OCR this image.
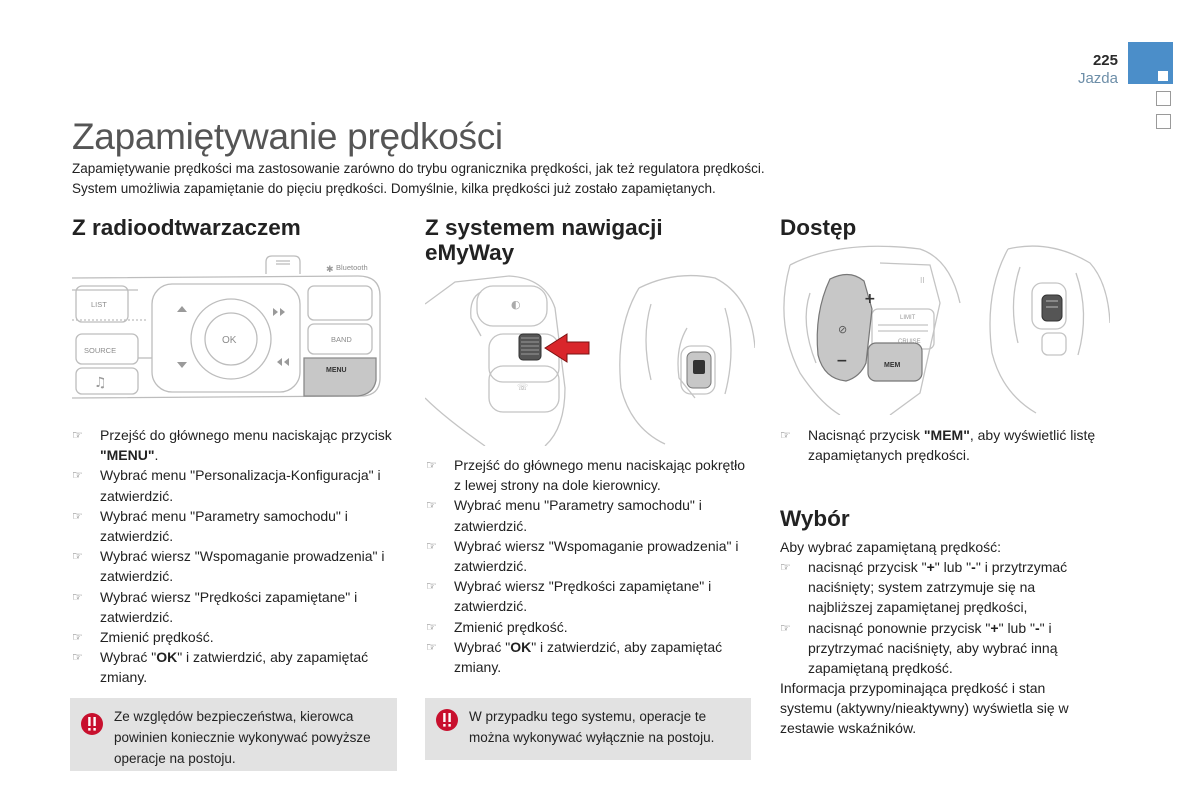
225
Jazda
Zapamiętywanie prędkości
Zapamiętywanie prędkości ma zastosowanie zarówno do trybu ogranicznika prędkości, jak też regulatora prędkości.
System umożliwia zapamiętanie do pięciu prędkości. Domyślnie, kilka prędkości już zostało zapamiętanych.
Z radioodtwarzaczem
Bluetooth
LIST
SOURCE
BAND
OK
MENU
♫
✱
☞ Przejść do głównego menu naciskając przycisk "MENU".
☞ Wybrać menu "Personalizacja-Konfiguracja" i zatwierdzić.
☞ Wybrać menu "Parametry samochodu" i zatwierdzić.
☞ Wybrać wiersz "Wspomaganie prowadzenia" i zatwierdzić.
☞ Wybrać wiersz "Prędkości zapamiętane" i zatwierdzić.
☞ Zmienić prędkość.
☞ Wybrać "OK" i zatwierdzić, aby zapamiętać zmiany.
Ze względów bezpieczeństwa, kierowca powinien koniecznie wykonywać powyższe operacje na postoju.
Z systemem nawigacji
eMyWay
◐
☏
☞ Przejść do głównego menu naciskając pokrętło z lewej strony na dole kierownicy.
☞ Wybrać menu "Parametry samochodu" i zatwierdzić.
☞ Wybrać wiersz "Wspomaganie prowadzenia" i zatwierdzić.
☞ Wybrać wiersz "Prędkości zapamiętane" i zatwierdzić.
☞ Zmienić prędkość.
☞ Wybrać "OK" i zatwierdzić, aby zapamiętać zmiany.
W przypadku tego systemu, operacje te można wykonywać wyłącznie na postoju.
Dostęp
+
−
⊘
LIMIT
CRUISE
MEM
II
☞ Nacisnąć przycisk "MEM", aby wyświetlić listę zapamiętanych prędkości.
Wybór
Aby wybrać zapamiętaną prędkość:
☞ nacisnąć przycisk "+" lub "-" i przytrzymać naciśnięty; system zatrzymuje się na najbliższej zapamiętanej prędkości,
☞ nacisnąć ponownie przycisk "+" lub "-" i przytrzymać naciśnięty, aby wybrać inną zapamiętaną prędkość.
Informacja przypominająca prędkość i stan systemu (aktywny/nieaktywny) wyświetla się w zestawie wskaźników.
